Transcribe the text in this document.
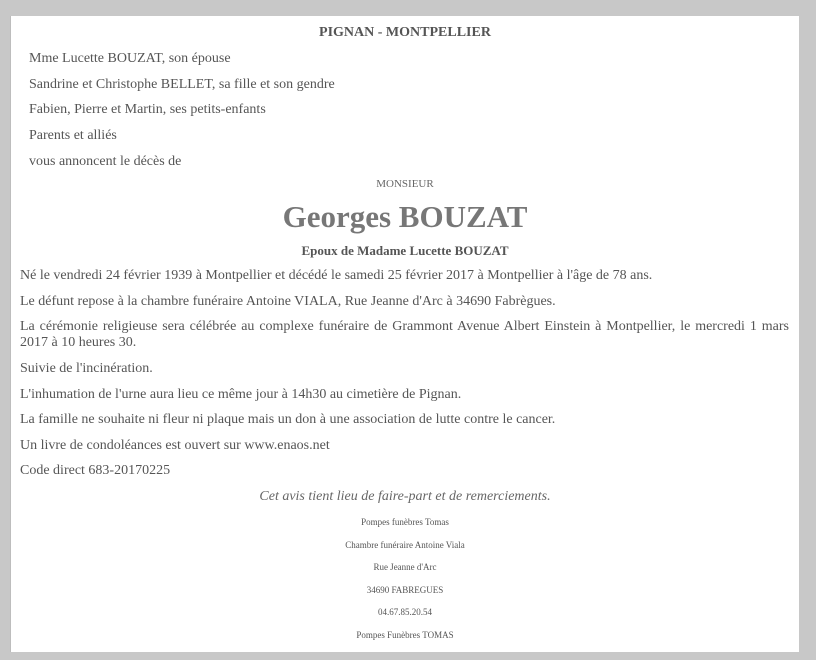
PIGNAN - MONTPELLIER
Mme Lucette BOUZAT, son épouse
Sandrine et Christophe BELLET, sa fille et son gendre
Fabien, Pierre et Martin, ses petits-enfants
Parents et alliés
vous annoncent le décès de
MONSIEUR
Georges BOUZAT
Epoux de Madame Lucette BOUZAT
Né le vendredi 24 février 1939 à Montpellier et décédé le samedi 25 février 2017 à Montpellier à l'âge de 78 ans.
Le défunt repose à la chambre funéraire Antoine VIALA, Rue Jeanne d'Arc à 34690 Fabrègues.
La cérémonie religieuse sera célébrée au complexe funéraire de Grammont Avenue Albert Einstein à Montpellier, le mercredi 1 mars 2017 à 10 heures 30.
Suivie de l'incinération.
L'inhumation de l'urne aura lieu ce même jour à 14h30 au cimetière de Pignan.
La famille ne souhaite ni fleur ni plaque mais un don à une association de lutte contre le cancer.
Un livre de condoléances est ouvert sur www.enaos.net
Code direct 683-20170225
Cet avis tient lieu de faire-part et de remerciements.
Pompes funèbres Tomas
Chambre funéraire Antoine Viala
Rue Jeanne d'Arc
34690 FABREGUES
04.67.85.20.54
Pompes Funèbres TOMAS
